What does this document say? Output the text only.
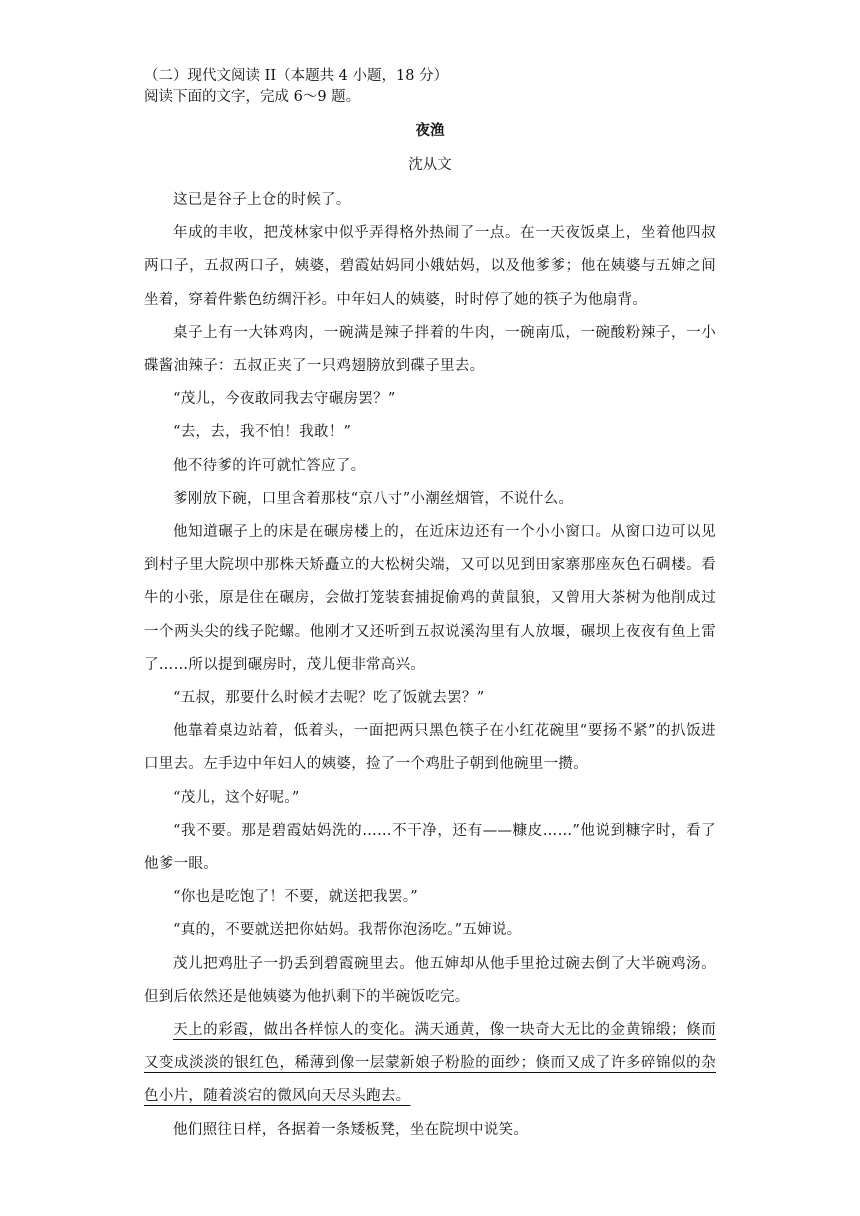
（二）现代文阅读 II（本题共 4 小题，18 分）

阅读下面的文字，完成 6～9 题。

夜渔

沈从文

这已是谷子上仓的时候了。

年成的丰收，把茂林家中似乎弄得格外热闹了一点。在一天夜饭桌上，坐着他四叔两口子，五叔两口子，姨婆，碧霞姑妈同小娥姑妈，以及他爹爹；他在姨婆与五婶之间坐着，穿着件紫色纺绸汗衫。中年妇人的姨婆，时时停了她的筷子为他扇背。

桌子上有一大钵鸡肉，一碗满是辣子拌着的牛肉，一碗南瓜，一碗酸粉辣子，一小碟酱油辣子：五叔正夹了一只鸡翅膀放到碟子里去。

“茂儿，今夜敢同我去守碾房罢？”

“去，去，我不怕！我敢！”

他不待爹的许可就忙答应了。

爹刚放下碗，口里含着那枝“京八寸”小潮丝烟管，不说什么。

他知道碾子上的床是在碾房楼上的，在近床边还有一个小小窗口。从窗口边可以见到村子里大院坝中那株天矫矗立的大松树尖端，又可以见到田家寨那座灰色石碉楼。看牛的小张，原是住在碾房，会做打笼装套捕捉偷鸡的黄鼠狼，又曾用大茶树为他削成过一个两头尖的线子陀螺。他刚才又还听到五叔说溪沟里有人放堰，碾坝上夜夜有鱼上雷了……所以提到碾房时，茂儿便非常高兴。

“五叔，那要什么时候才去呢？吃了饭就去罢？”

他靠着桌边站着，低着头，一面把两只黑色筷子在小红花碗里“要扬不紧”的扒饭进口里去。左手边中年妇人的姨婆，捡了一个鸡肚子朝到他碗里一攒。

“茂儿，这个好呢。”

“我不要。那是碧霞姑妈洗的……不干净，还有——糠皮……”他说到糠字时，看了他爹一眼。

“你也是吃饱了！不要，就送把我罢。”

“真的，不要就送把你姑妈。我帮你泡汤吃。”五婶说。

茂儿把鸡肚子一扔丢到碧霞碗里去。他五婶却从他手里抢过碗去倒了大半碗鸡汤。但到后依然还是他姨婆为他扒剩下的半碗饭吃完。

天上的彩霞，做出各样惊人的变化。满天通黄，像一块奇大无比的金黄锦缎；倏而又变成淡淡的银红色，稀薄到像一层蒙新娘子粉脸的面纱；倏而又成了许多碎锦似的杂色小片，随着淡宕的微风向天尽头跑去。

他们照往日样，各据着一条矮板凳，坐在院坝中说笑。
